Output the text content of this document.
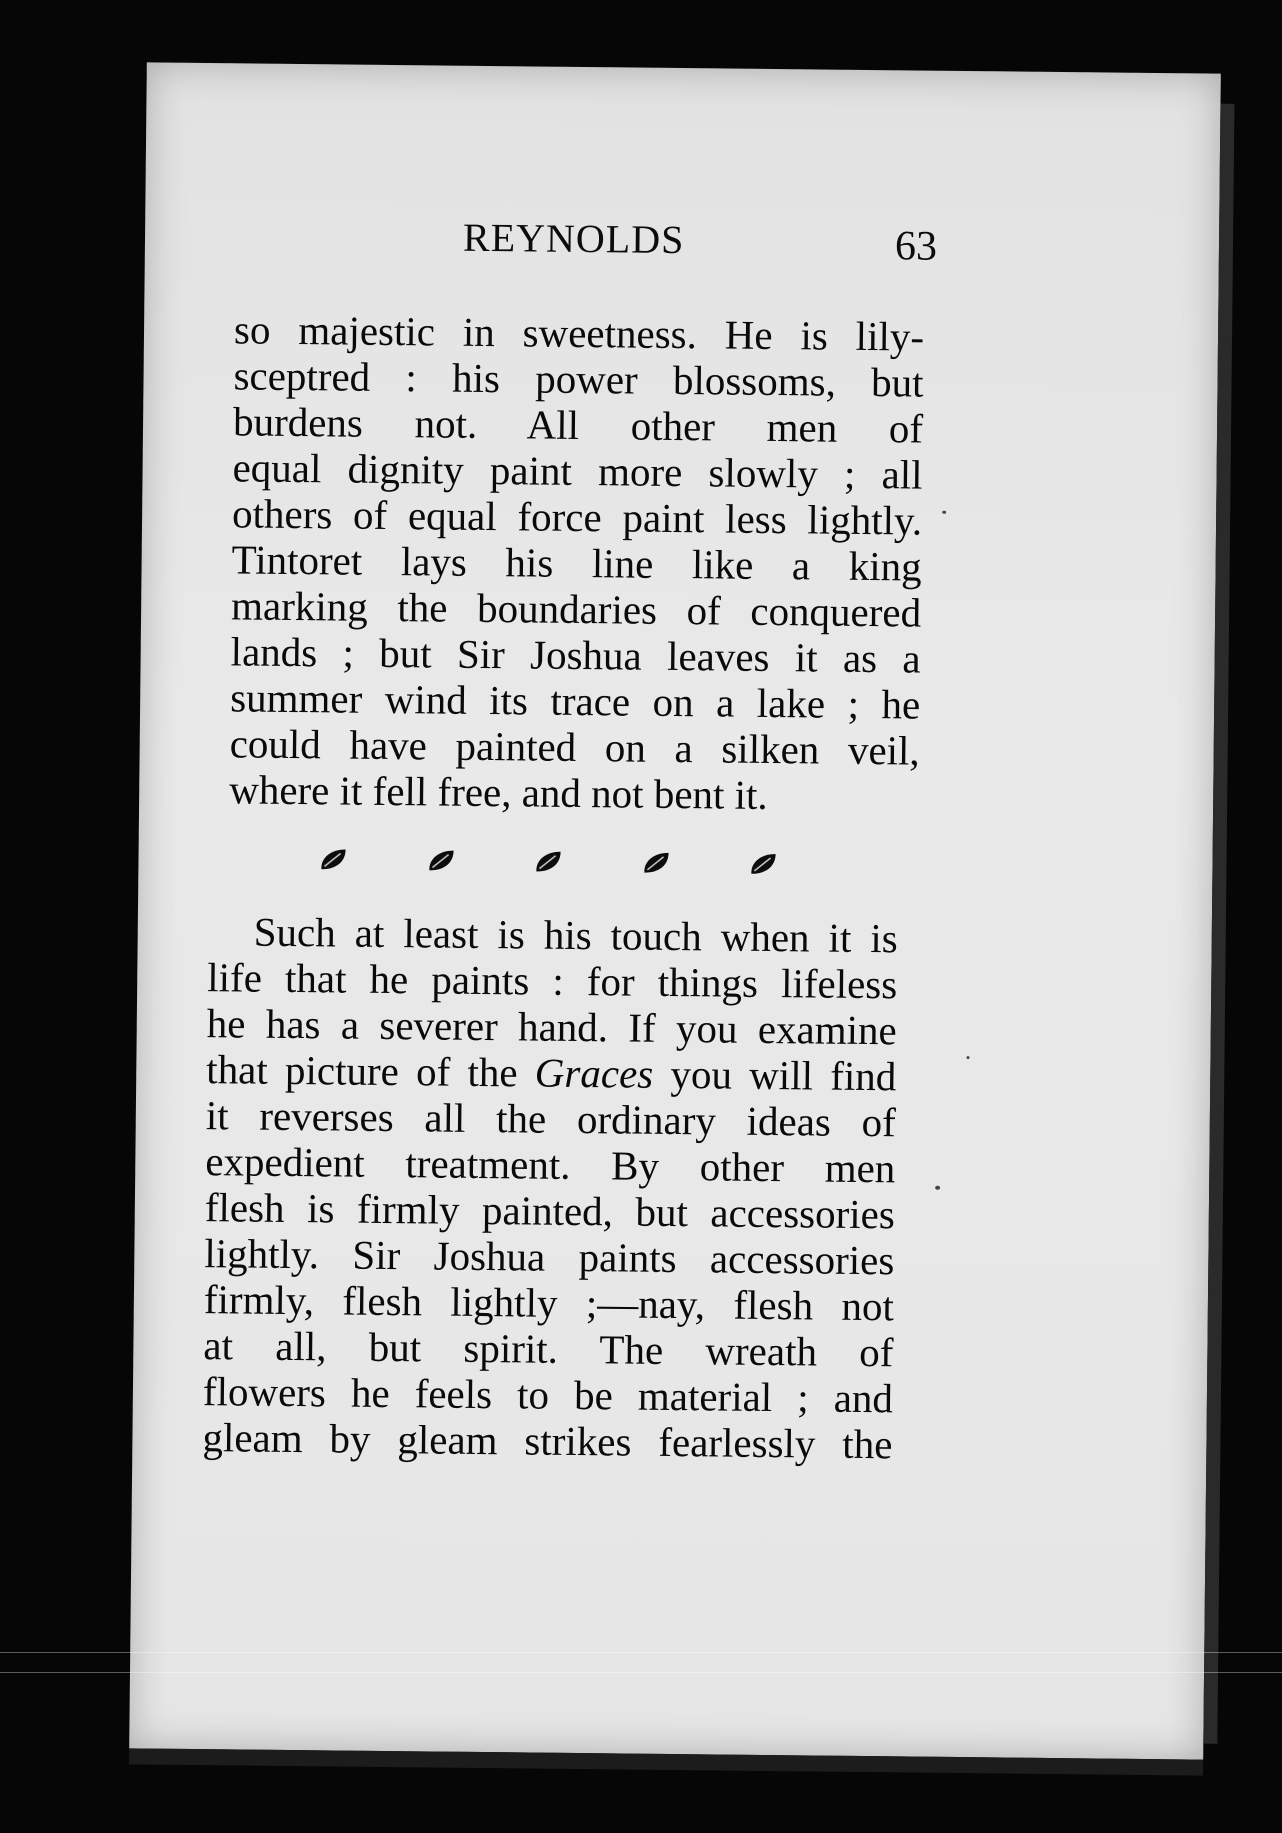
REYNOLDS	63
so majestic in sweetness. He is lily-
sceptred : his power blossoms, but
burdens not. All other men of
equal dignity paint more slowly ; all
others of equal force paint less lightly.
Tintoret lays his line like a king
marking the boundaries of conquered
lands ; but Sir Joshua leaves it as a
summer wind its trace on a lake ; he
could have painted on a silken veil,
where it fell free, and not bent it.
Such at least is his touch when it is
life that he paints : for things lifeless
he has a severer hand. If you examine
that picture of the Graces you will find
it reverses all the ordinary ideas of
expedient treatment. By other men
flesh is firmly painted, but accessories
lightly. Sir Joshua paints accessories
firmly, flesh lightly ;—nay, flesh not
at all, but spirit. The wreath of
flowers he feels to be material ; and
gleam by gleam strikes fearlessly the
